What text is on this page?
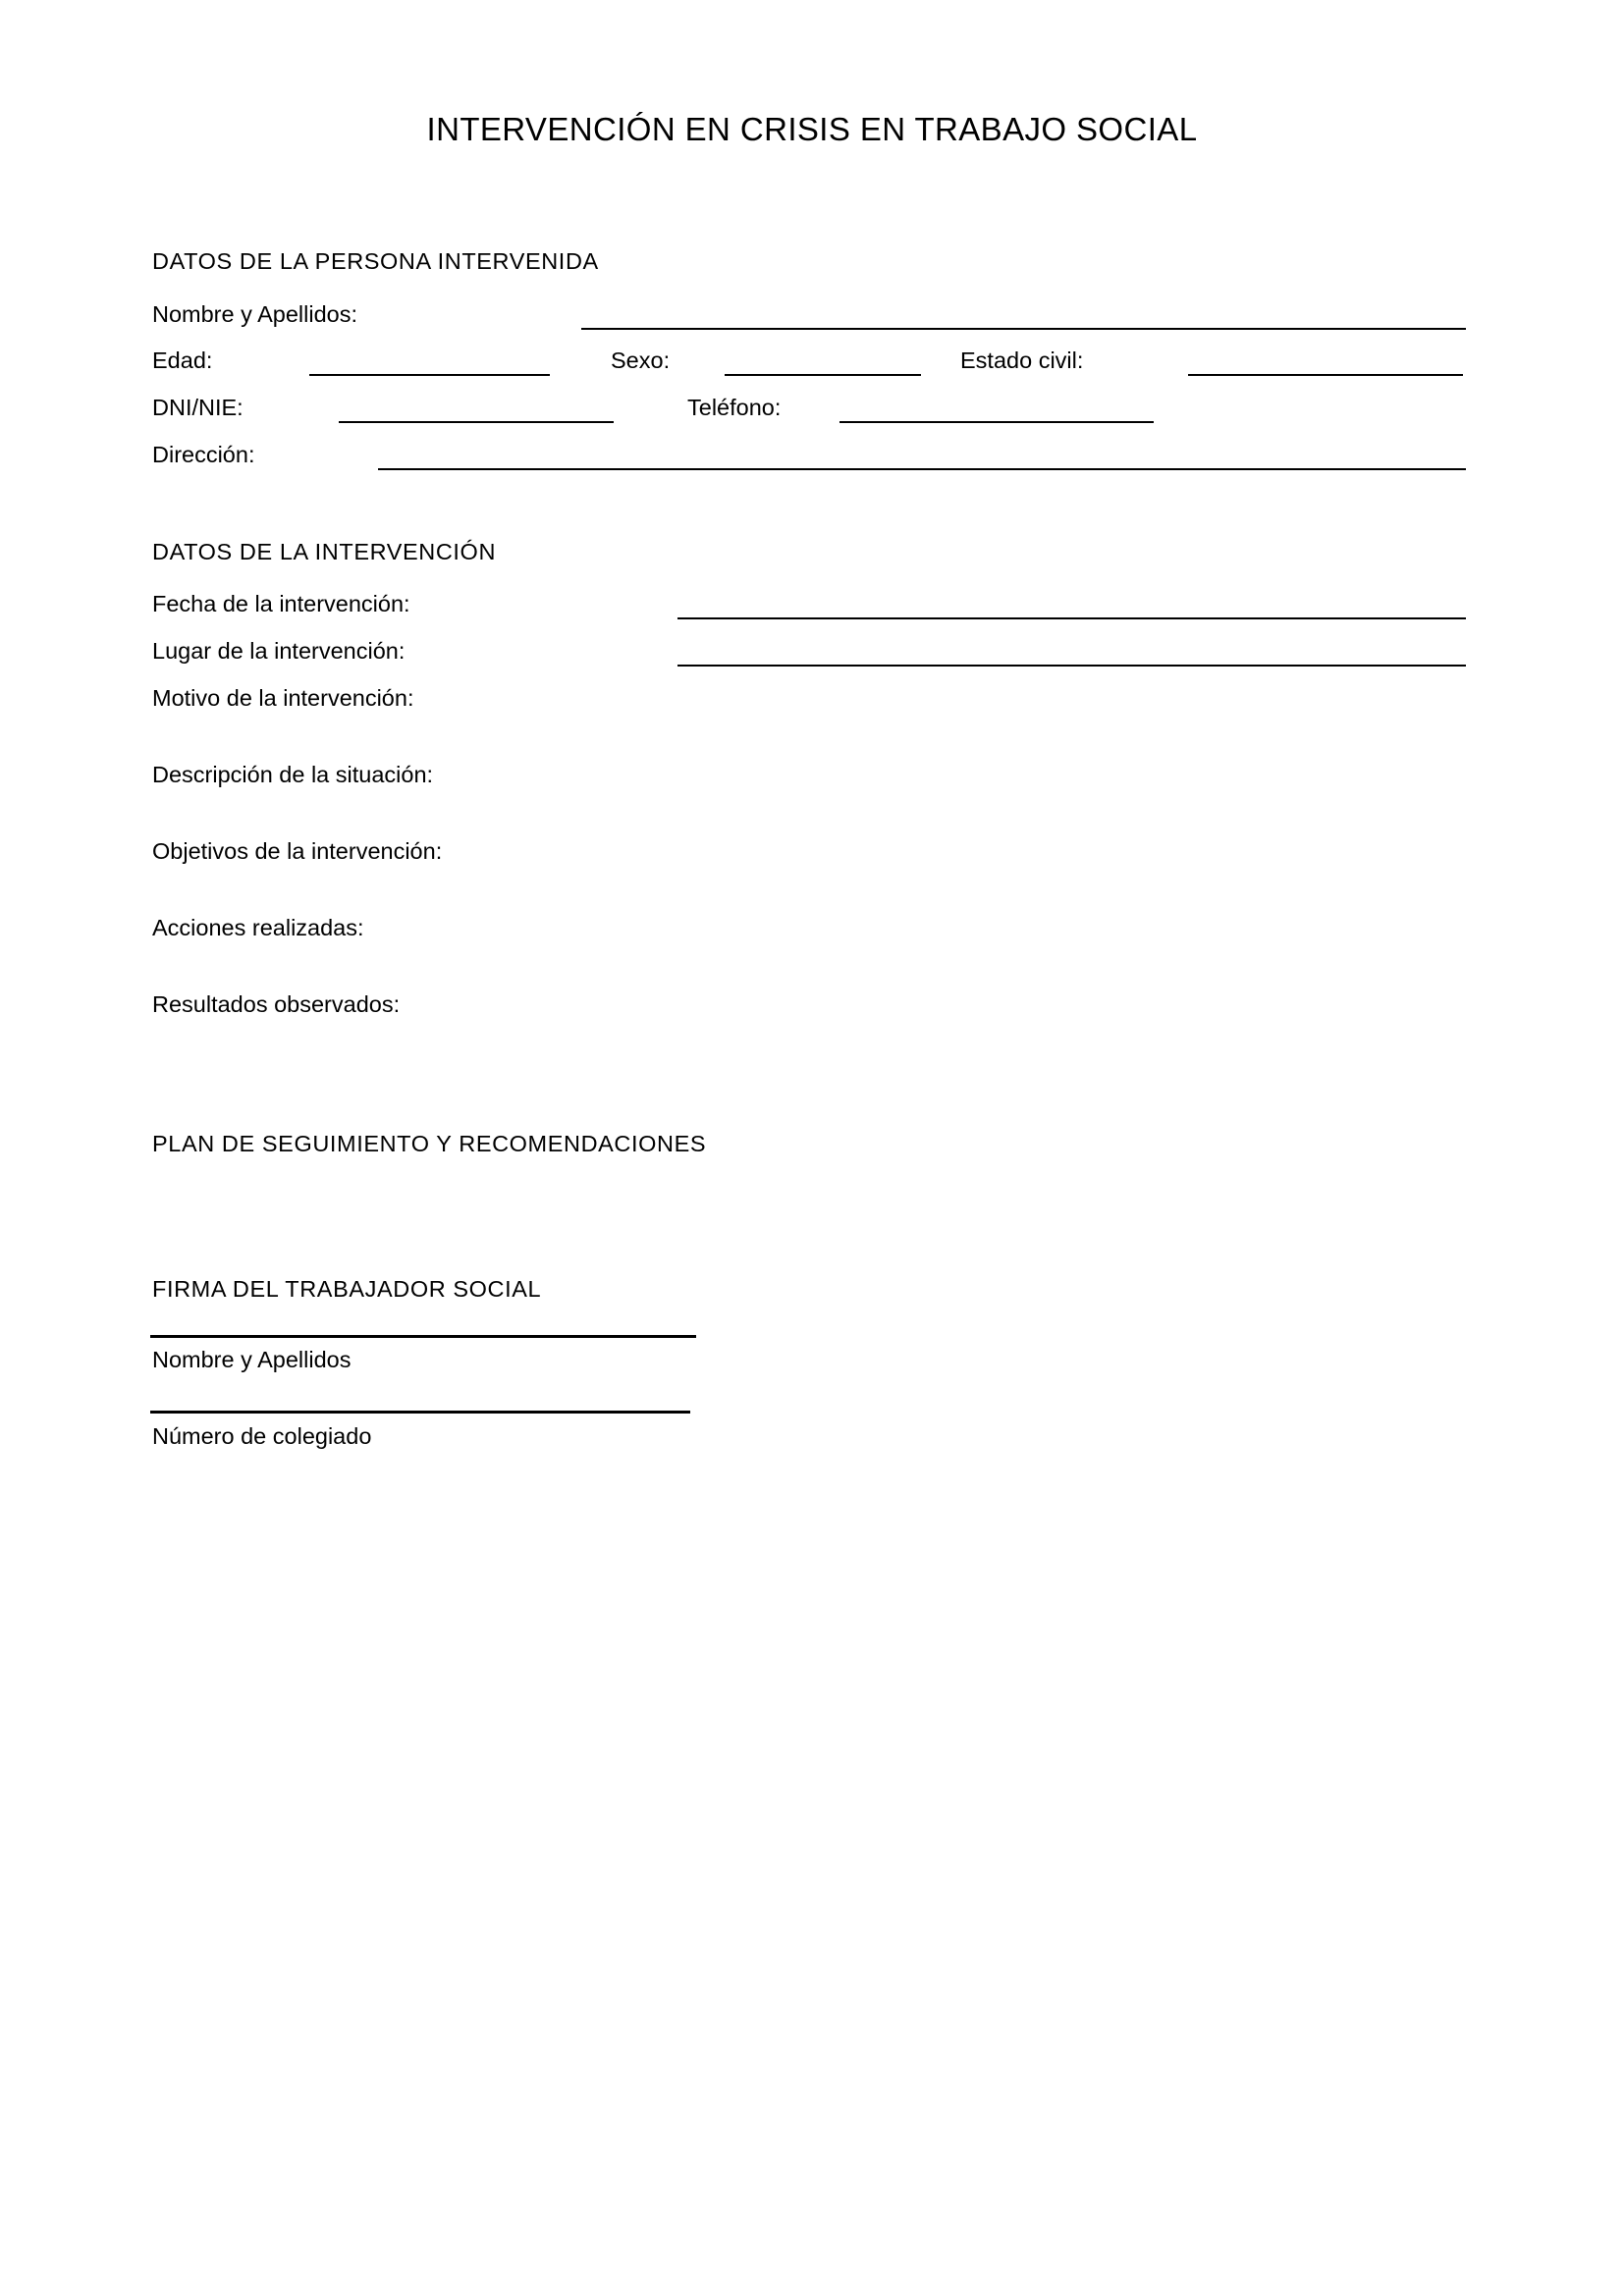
INTERVENCIÓN EN CRISIS EN TRABAJO SOCIAL
DATOS DE LA PERSONA INTERVENIDA
Nombre y Apellidos:
Edad:	Sexo:	Estado civil:
DNI/NIE:	Teléfono:
Dirección:
DATOS DE LA INTERVENCIÓN
Fecha de la intervención:
Lugar de la intervención:
Motivo de la intervención:
Descripción de la situación:
Objetivos de la intervención:
Acciones realizadas:
Resultados observados:
PLAN DE SEGUIMIENTO Y RECOMENDACIONES
FIRMA DEL TRABAJADOR SOCIAL
Nombre y Apellidos
Número de colegiado
